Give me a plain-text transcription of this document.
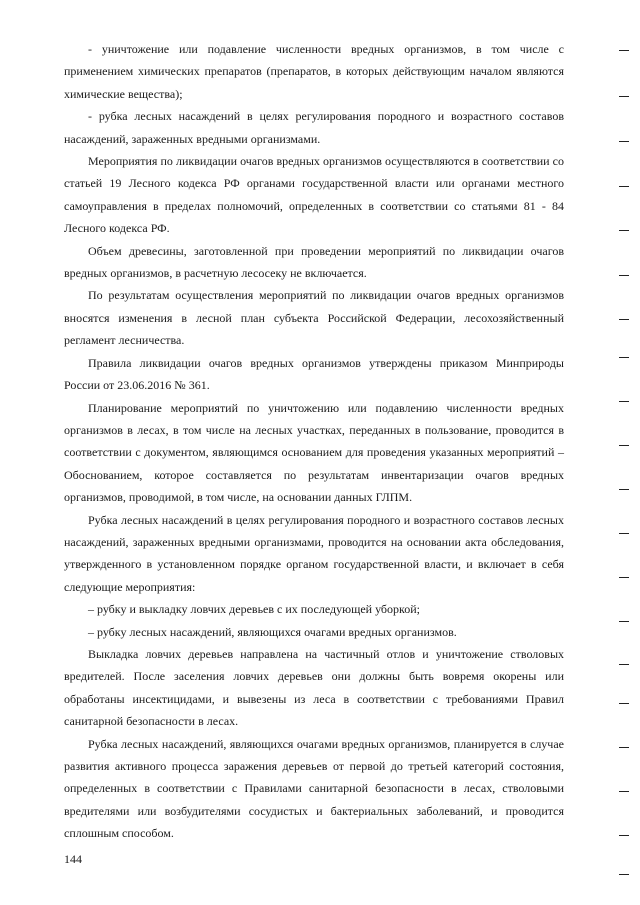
- уничтожение или подавление численности вредных организмов, в том числе с применением химических препаратов (препаратов, в которых действующим началом являются химические вещества);

- рубка лесных насаждений в целях регулирования породного и возрастного составов насаждений, зараженных вредными организмами.

Мероприятия по ликвидации очагов вредных организмов осуществляются в соответствии со статьей 19 Лесного кодекса РФ органами государственной власти или органами местного самоуправления в пределах полномочий, определенных в соответствии со статьями 81 - 84 Лесного кодекса РФ.

Объем древесины, заготовленной при проведении мероприятий по ликвидации очагов вредных организмов, в расчетную лесосеку не включается.

По результатам осуществления мероприятий по ликвидации очагов вредных организмов вносятся изменения в лесной план субъекта Российской Федерации, лесохозяйственный регламент лесничества.

Правила ликвидации очагов вредных организмов утверждены приказом Минприроды России от 23.06.2016 № 361.

Планирование мероприятий по уничтожению или подавлению численности вредных организмов в лесах, в том числе на лесных участках, переданных в пользование, проводится в соответствии с документом, являющимся основанием для проведения указанных мероприятий – Обоснованием, которое составляется по результатам инвентаризации очагов вредных организмов, проводимой, в том числе, на основании данных ГЛПМ.

Рубка лесных насаждений в целях регулирования породного и возрастного составов лесных насаждений, зараженных вредными организмами, проводится на основании акта обследования, утвержденного в установленном порядке органом государственной власти, и включает в себя следующие мероприятия:

– рубку и выкладку ловчих деревьев с их последующей уборкой;

– рубку лесных насаждений, являющихся очагами вредных организмов.

Выкладка ловчих деревьев направлена на частичный отлов и уничтожение стволовых вредителей. После заселения ловчих деревьев они должны быть вовремя окорены или обработаны инсектицидами, и вывезены из леса в соответствии с требованиями Правил санитарной безопасности в лесах.

Рубка лесных насаждений, являющихся очагами вредных организмов, планируется в случае развития активного процесса заражения деревьев от первой до третьей категорий состояния, определенных в соответствии с Правилами санитарной безопасности в лесах, стволовыми вредителями или возбудителями сосудистых и бактериальных заболеваний, и проводится сплошным способом.

144
